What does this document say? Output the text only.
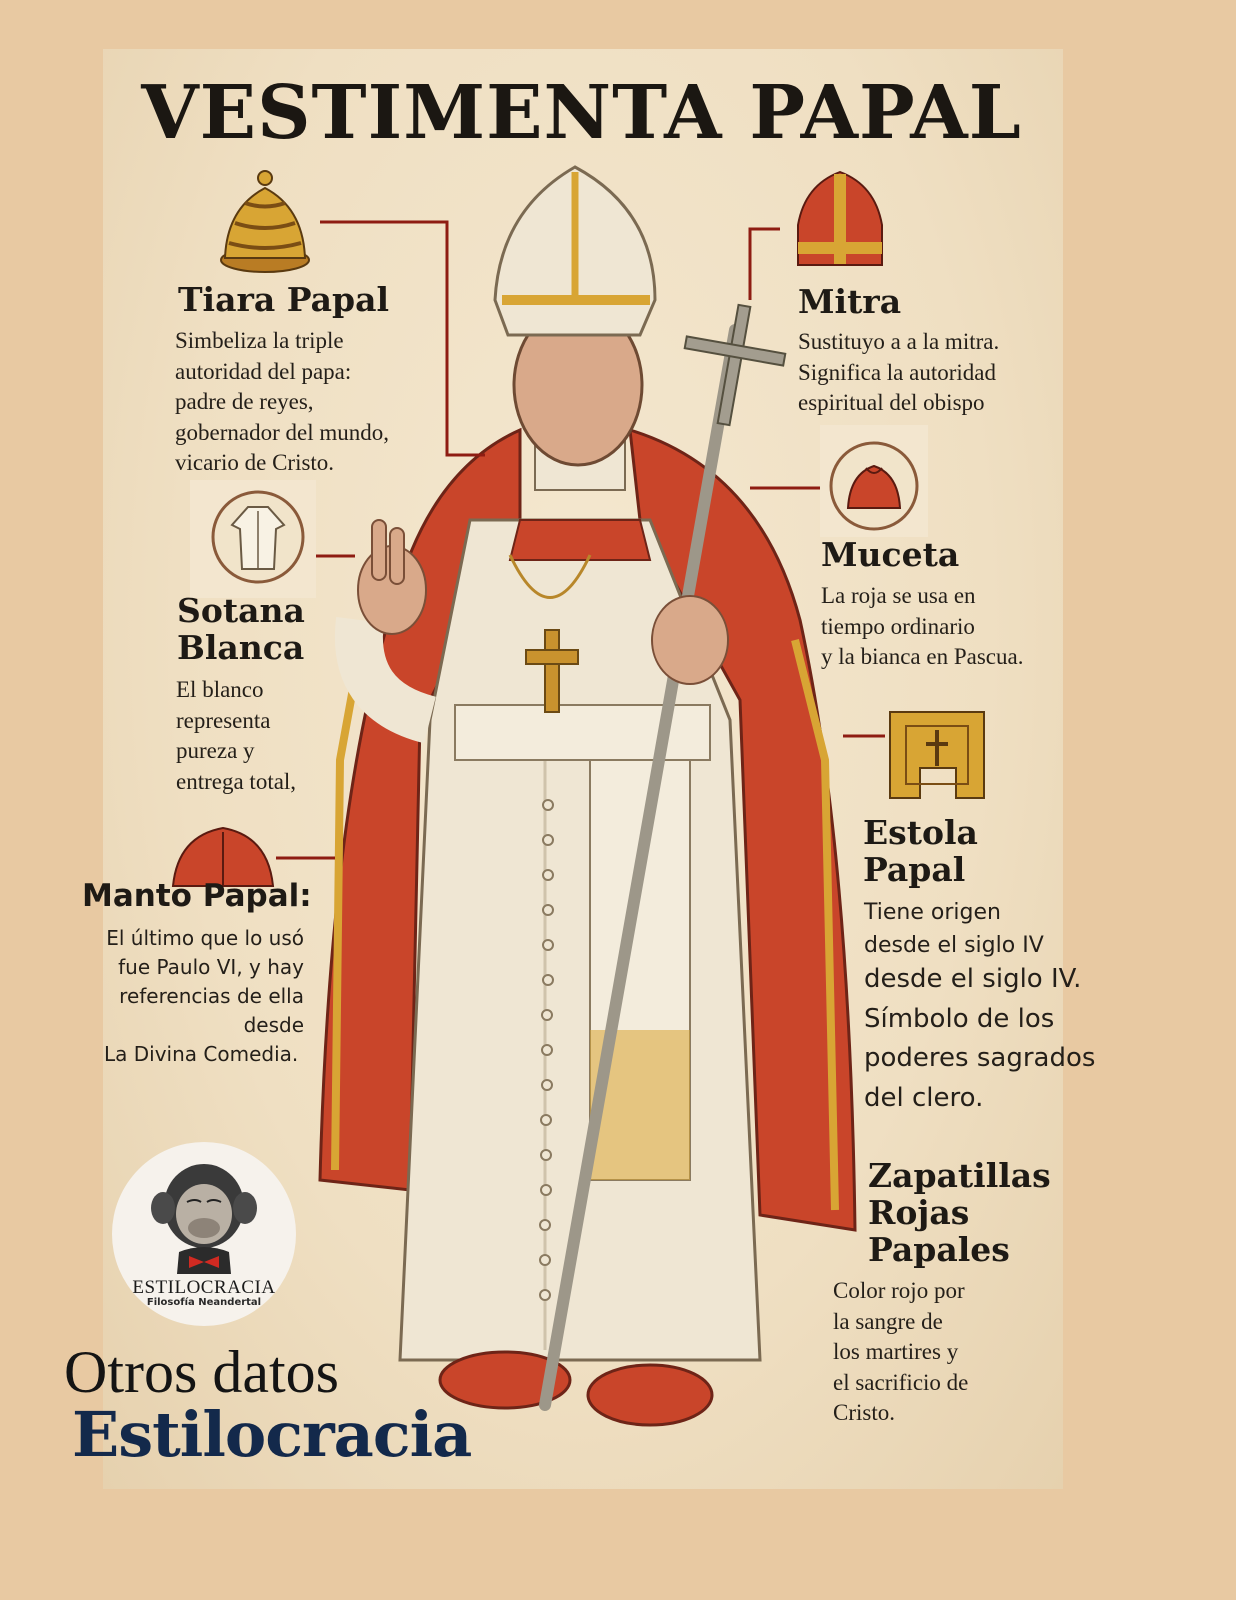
VESTIMENTA PAPAL
Tiara Papal
Simbeliza la triple
autoridad del papa:
padre de reyes,
gobernador del mundo,
vicario de Cristo.
Mitra
Sustituyo a a la mitra.
Significa la autoridad
espiritual del obispo
Sotana
Blanca
El blanco
representa
pureza y
entrega total,
Muceta
La roja se usa en
tiempo ordinario
y la bianca en Pascua.
Manto Papal:
El último que lo usó
fue Paulo VI, y hay
referencias de ella
desde
La Divina Comedia.
Estola
Papal
Tiene origen
desde el siglo IV
desde el siglo IV.
Símbolo de los
poderes sagrados
del clero.
Zapatillas
Rojas
Papales
Color rojo por
la sangre de
los martires y
el sacrificio de
Cristo.
ESTILOCRACIA
Filosofía Neandertal
Otros datos
Estilocracia
